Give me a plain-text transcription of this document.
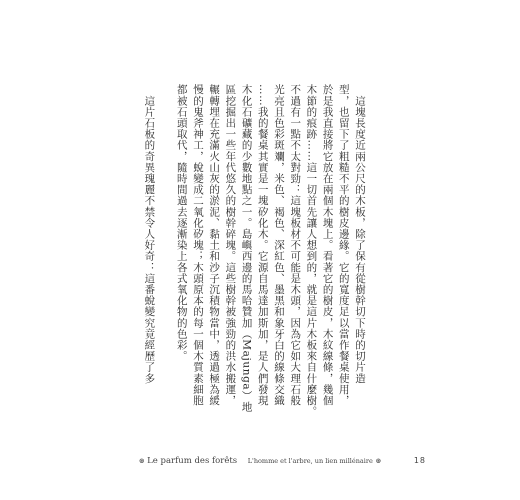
這塊長度近兩公尺的木板，除了保有從樹幹切下時的切片造
型，也留下了粗糙不平的樹皮邊緣。它的寬度足以當作餐桌使用，
於是我直接將它放在兩個木塊上。看著它的樹皮，木紋線條，幾個
木節的痕跡……這一切首先讓人想到的，就是這片木板來自什麼樹。
不過有一點不太對勁：這塊板材不可能是木頭，因為它如大理石般
光亮且色彩斑斕，米色、褐色、深紅色、墨黑和象牙白的線條交織
……我的餐桌其實是一塊矽化木。它源自馬達加斯加，是人們發現
木化石礦藏的少數地點之一。島嶼西邊的馬哈贊加（Majunga）地
區挖掘出一些年代悠久的樹幹碎塊。這些樹幹被強勁的洪水搬運，
輾轉埋在充滿火山灰的淤泥、黏土和沙子沉積物當中，透過極為緩
慢的鬼斧神工，蛻變成二氧化矽塊；木頭原本的每一個木質素細胞
都被石頭取代，隨時間過去逐漸染上各式氧化物的色彩。
這片石板的奇異瑰麗不禁令人好奇：這番蛻變究竟經歷了多
⊛ Le parfum des forêts L'homme et l'arbre, un lien millénaire ⊛	18
